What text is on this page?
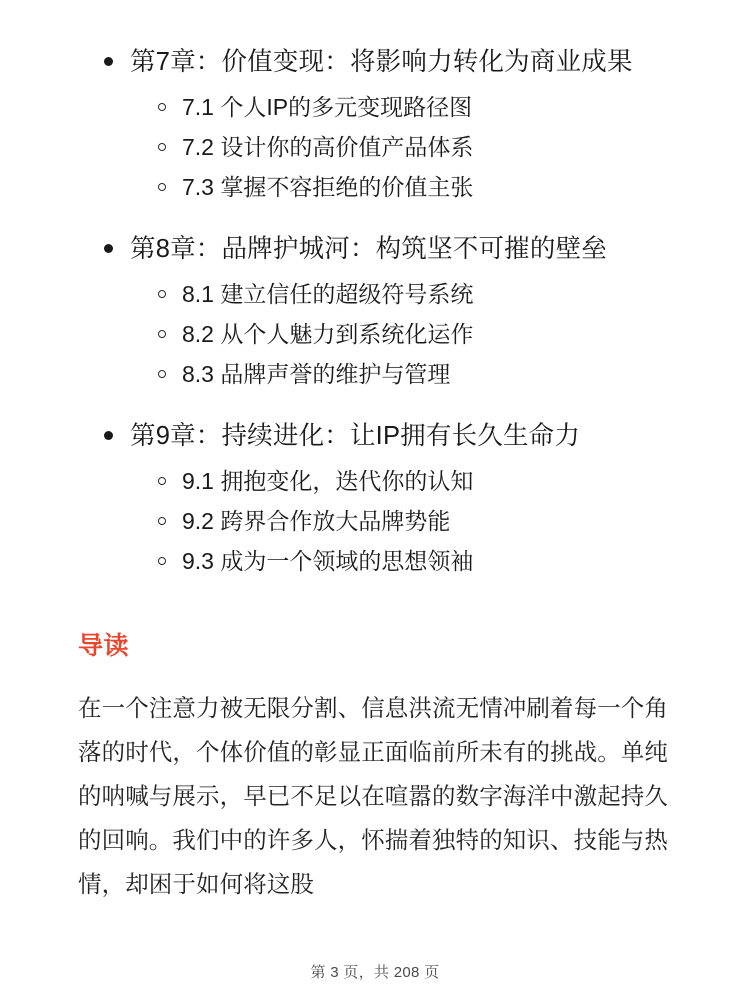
第7章：价值变现：将影响力转化为商业成果
7.1 个人IP的多元变现路径图
7.2 设计你的高价值产品体系
7.3 掌握不容拒绝的价值主张
第8章：品牌护城河：构筑坚不可摧的壁垒
8.1 建立信任的超级符号系统
8.2 从个人魅力到系统化运作
8.3 品牌声誉的维护与管理
第9章：持续进化：让IP拥有长久生命力
9.1 拥抱变化，迭代你的认知
9.2 跨界合作放大品牌势能
9.3 成为一个领域的思想领袖
导读

在一个注意力被无限分割、信息洪流无情冲刷着每一个角落的时代，个体价值的彰显正面临前所未有的挑战。单纯的呐喊与展示，早已不足以在喧嚣的数字海洋中激起持久的回响。我们中的许多人，怀揣着独特的知识、技能与热情，却困于如何将这股

第 3 页，共 208 页
